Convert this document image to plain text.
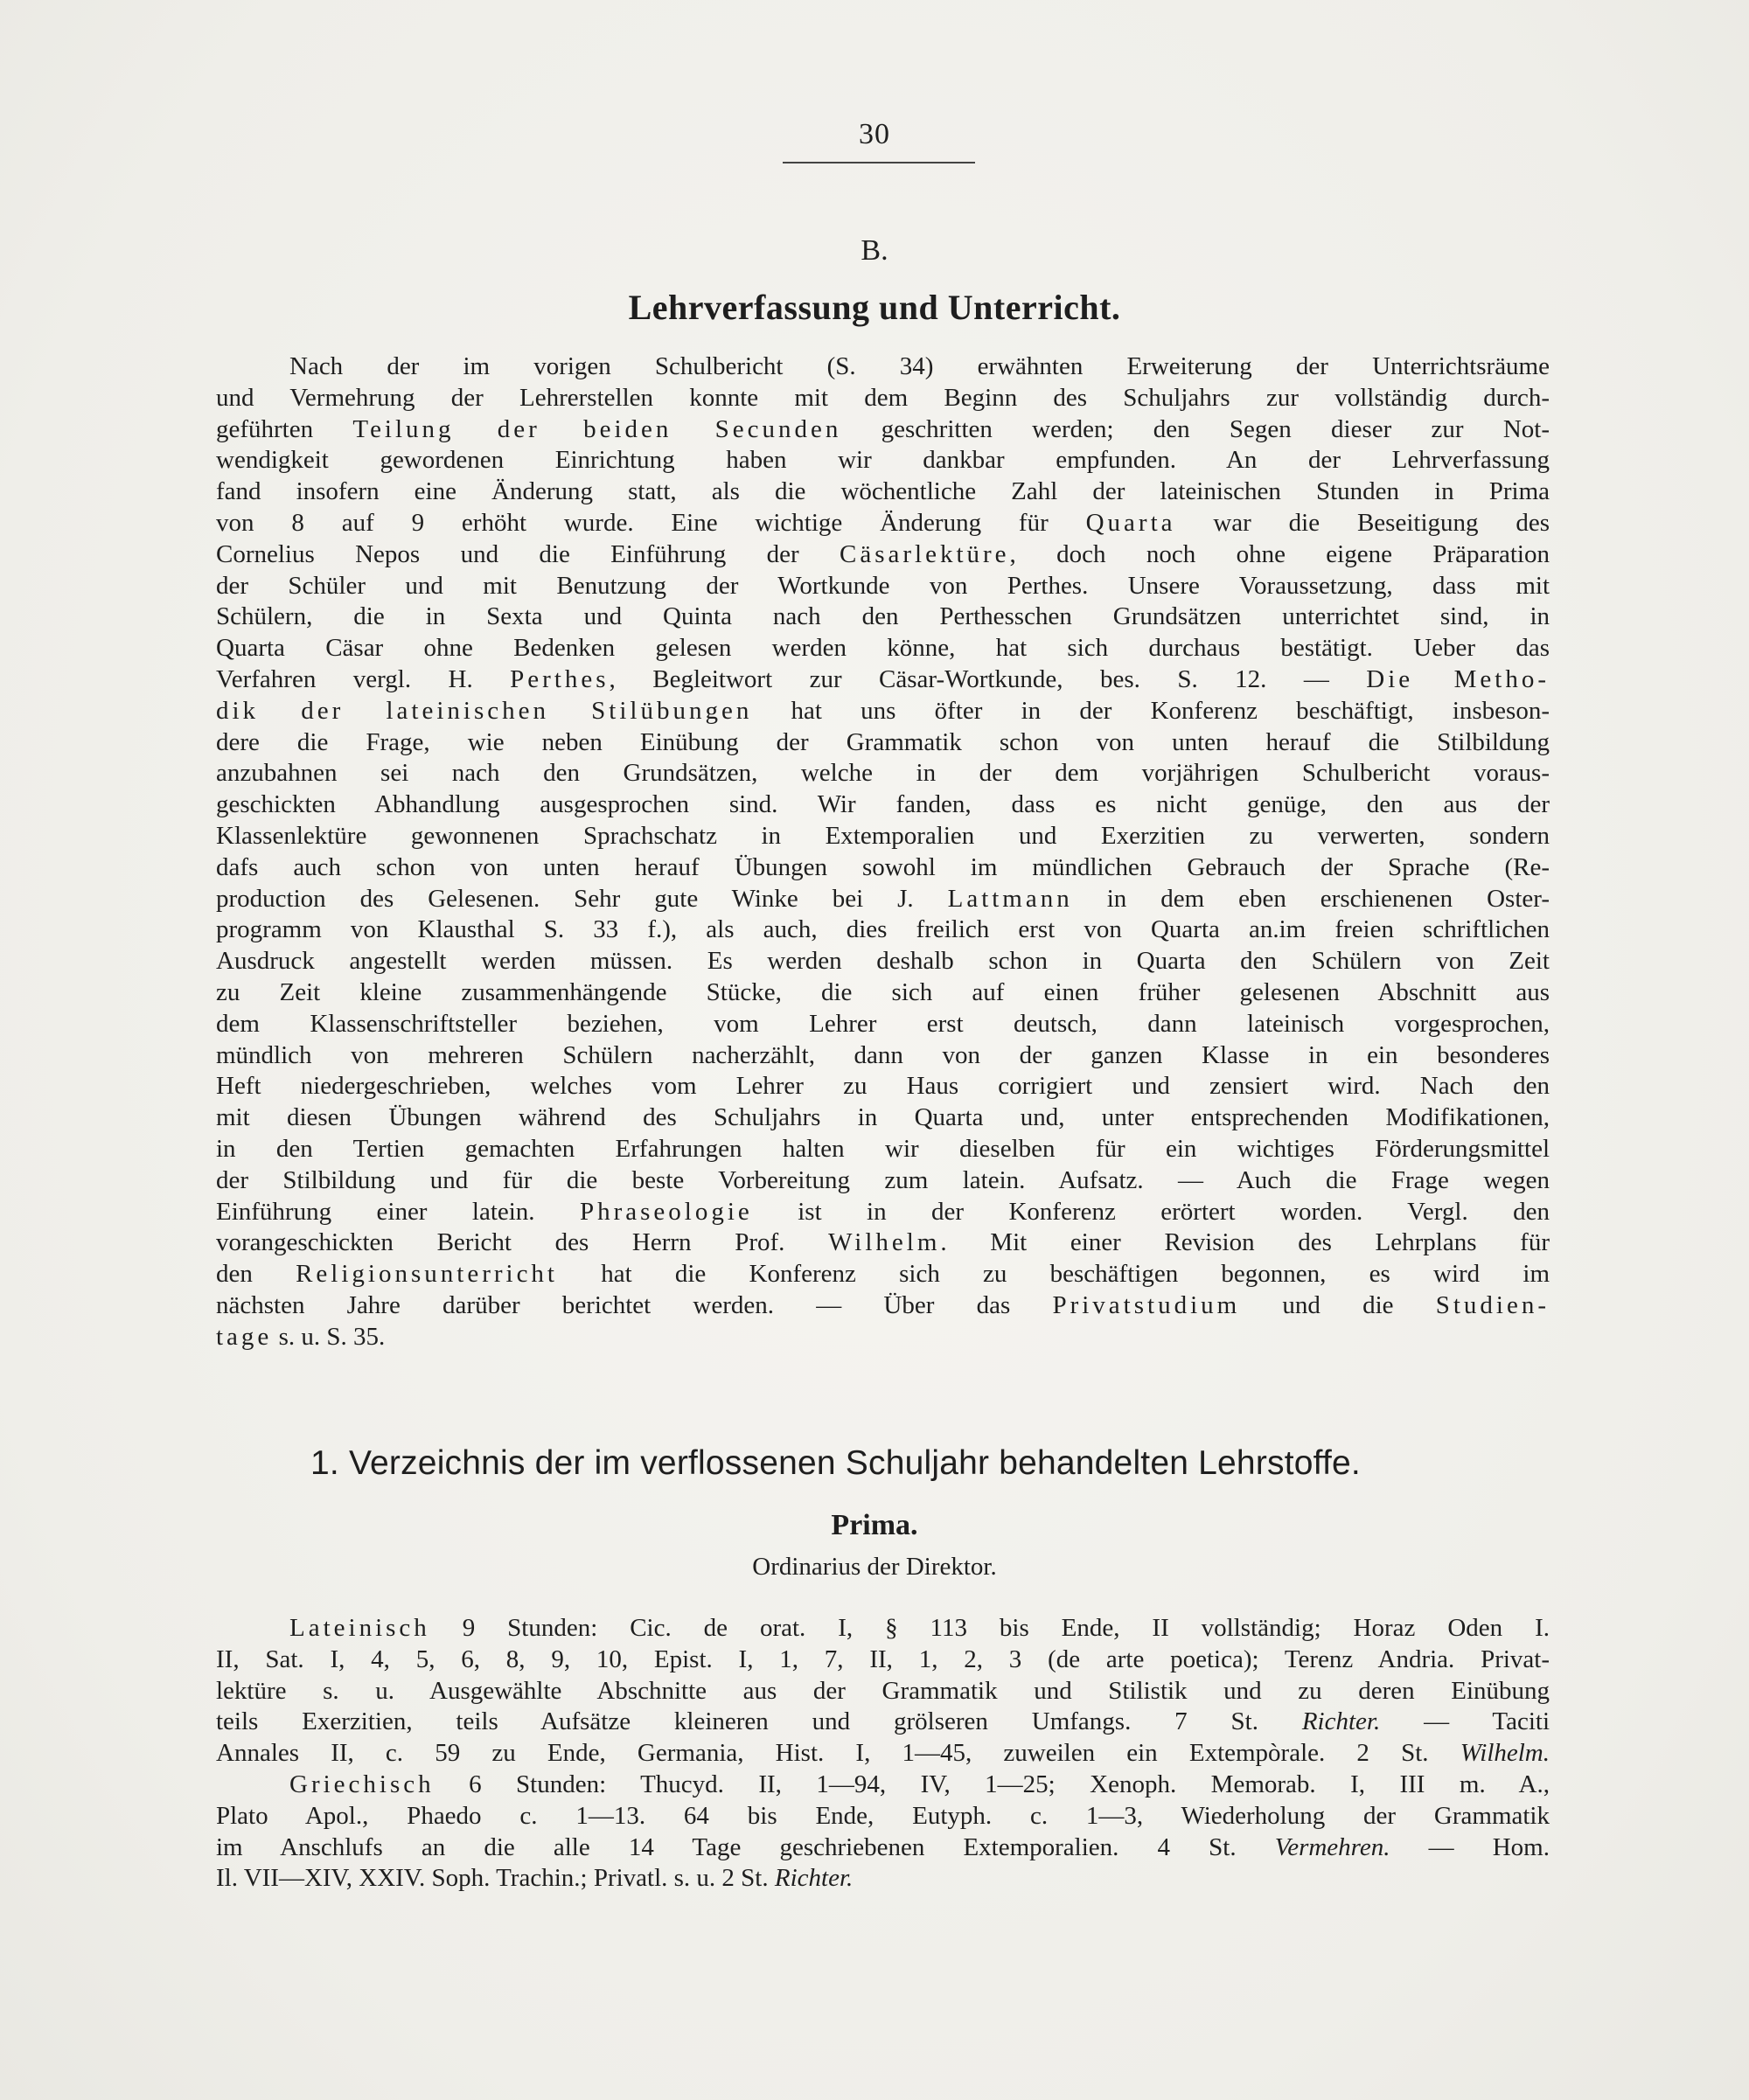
30
B.
Lehrverfassung und Unterricht.
Nach der im vorigen Schulbericht (S. 34) erwähnten Erweiterung der Unterrichtsräume
und Vermehrung der Lehrerstellen konnte mit dem Beginn des Schuljahrs zur vollständig durch-
geführten Teilung der beiden Secunden geschritten werden; den Segen dieser zur Not-
wendigkeit gewordenen Einrichtung haben wir dankbar empfunden. An der Lehrverfassung
fand insofern eine Änderung statt, als die wöchentliche Zahl der lateinischen Stunden in Prima
von 8 auf 9 erhöht wurde. Eine wichtige Änderung für Quarta war die Beseitigung des
Cornelius Nepos und die Einführung der Cäsarlektüre, doch noch ohne eigene Präparation
der Schüler und mit Benutzung der Wortkunde von Perthes. Unsere Voraussetzung, dass mit
Schülern, die in Sexta und Quinta nach den Perthesschen Grundsätzen unterrichtet sind, in
Quarta Cäsar ohne Bedenken gelesen werden könne, hat sich durchaus bestätigt. Ueber das
Verfahren vergl. H. Perthes, Begleitwort zur Cäsar-Wortkunde, bes. S. 12. — Die Metho-
dik der lateinischen Stilübungen hat uns öfter in der Konferenz beschäftigt, insbeson-
dere die Frage, wie neben Einübung der Grammatik schon von unten herauf die Stilbildung
anzubahnen sei nach den Grundsätzen, welche in der dem vorjährigen Schulbericht voraus-
geschickten Abhandlung ausgesprochen sind. Wir fanden, dass es nicht genüge, den aus der
Klassenlektüre gewonnenen Sprachschatz in Extemporalien und Exerzitien zu verwerten, sondern
dafs auch schon von unten herauf Übungen sowohl im mündlichen Gebrauch der Sprache (Re-
production des Gelesenen. Sehr gute Winke bei J. Lattmann in dem eben erschienenen Oster-
programm von Klausthal S. 33 f.), als auch, dies freilich erst von Quarta an.im freien schriftlichen
Ausdruck angestellt werden müssen. Es werden deshalb schon in Quarta den Schülern von Zeit
zu Zeit kleine zusammenhängende Stücke, die sich auf einen früher gelesenen Abschnitt aus
dem Klassenschriftsteller beziehen, vom Lehrer erst deutsch, dann lateinisch vorgesprochen,
mündlich von mehreren Schülern nacherzählt, dann von der ganzen Klasse in ein besonderes
Heft niedergeschrieben, welches vom Lehrer zu Haus corrigiert und zensiert wird. Nach den
mit diesen Übungen während des Schuljahrs in Quarta und, unter entsprechenden Modifikationen,
in den Tertien gemachten Erfahrungen halten wir dieselben für ein wichtiges Förderungsmittel
der Stilbildung und für die beste Vorbereitung zum latein. Aufsatz. — Auch die Frage wegen
Einführung einer latein. Phraseologie ist in der Konferenz erörtert worden. Vergl. den
vorangeschickten Bericht des Herrn Prof. Wilhelm. Mit einer Revision des Lehrplans für
den Religionsunterricht hat die Konferenz sich zu beschäftigen begonnen, es wird im
nächsten Jahre darüber berichtet werden. — Über das Privatstudium und die Studien-
tage s. u. S. 35.
1. Verzeichnis der im verflossenen Schuljahr behandelten Lehrstoffe.
Prima.
Ordinarius der Direktor.
Lateinisch 9 Stunden: Cic. de orat. I, § 113 bis Ende, II vollständig; Horaz Oden I.
II, Sat. I, 4, 5, 6, 8, 9, 10, Epist. I, 1, 7, II, 1, 2, 3 (de arte poetica); Terenz Andria. Privat-
lektüre s. u. Ausgewählte Abschnitte aus der Grammatik und Stilistik und zu deren Einübung
teils Exerzitien, teils Aufsätze kleineren und grölseren Umfangs. 7 St. Richter. — Taciti
Annales II, c. 59 zu Ende, Germania, Hist. I, 1—45, zuweilen ein Extempòrale. 2 St. Wilhelm.
Griechisch 6 Stunden: Thucyd. II, 1—94, IV, 1—25; Xenoph. Memorab. I, III m. A.,
Plato Apol., Phaedo c. 1—13. 64 bis Ende, Eutyph. c. 1—3, Wiederholung der Grammatik
im Anschlufs an die alle 14 Tage geschriebenen Extemporalien. 4 St. Vermehren. — Hom.
Il. VII—XIV, XXIV. Soph. Trachin.; Privatl. s. u. 2 St. Richter.
